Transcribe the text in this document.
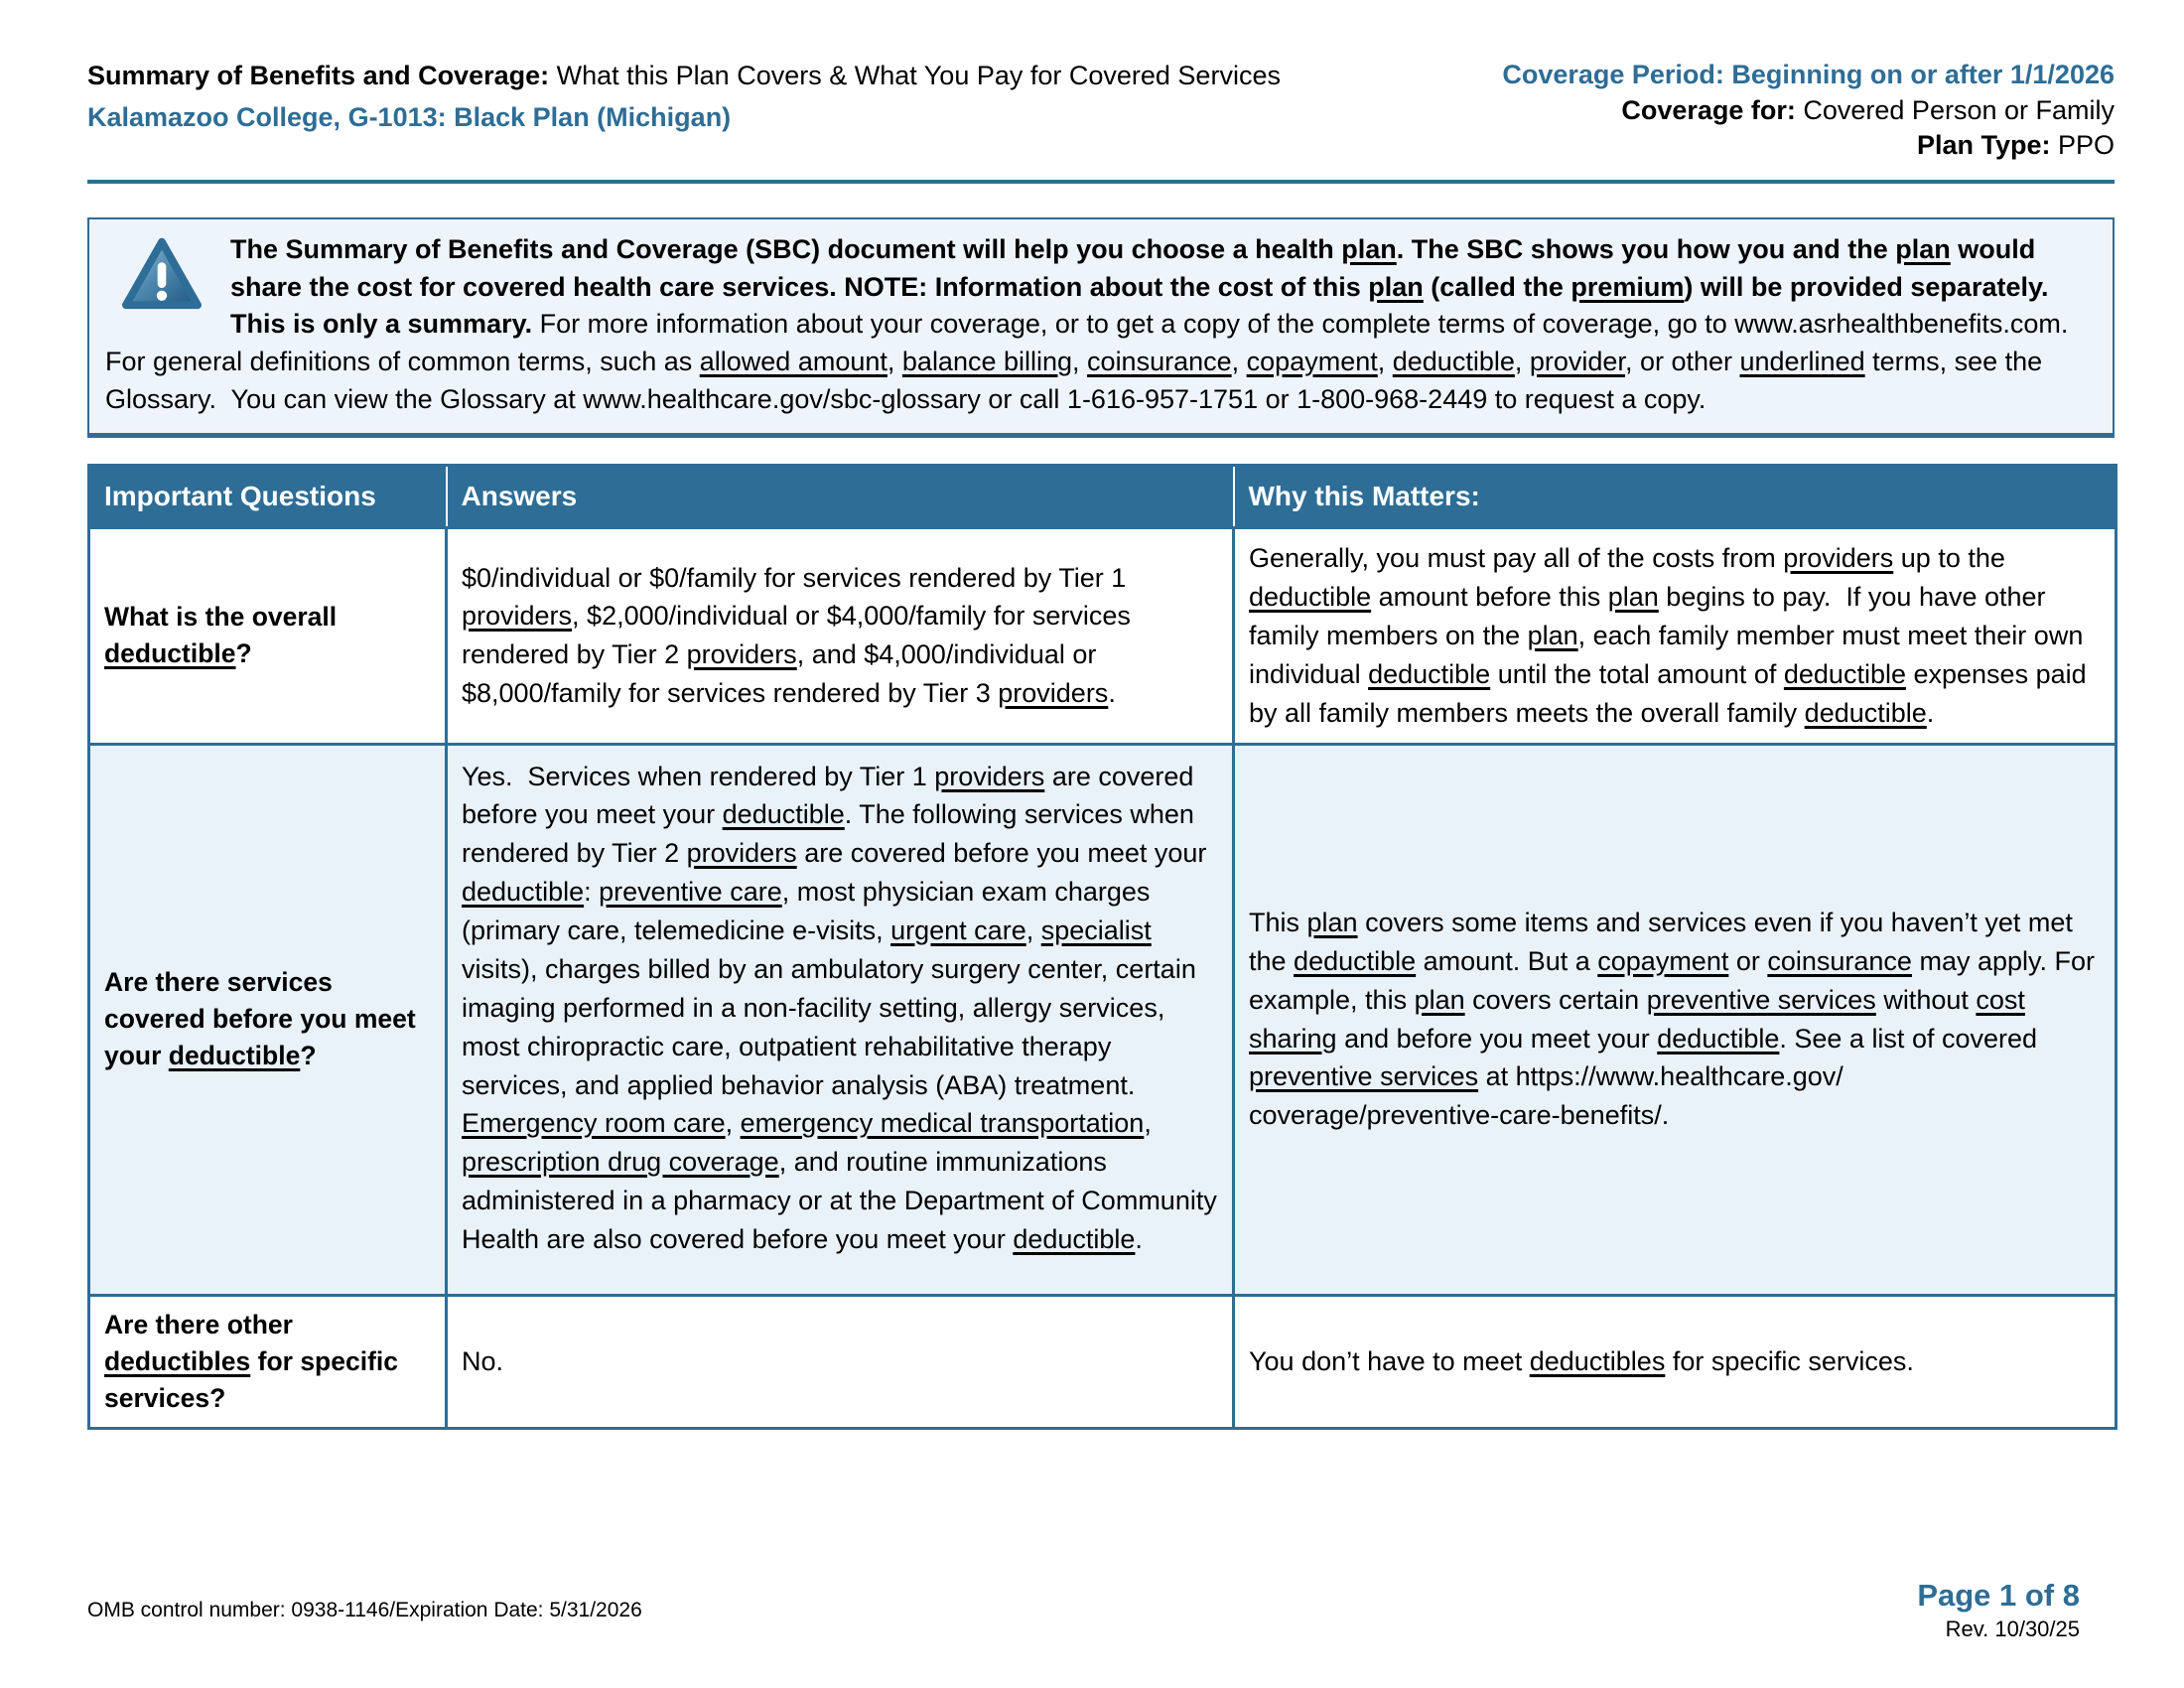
Summary of Benefits and Coverage: What this Plan Covers & What You Pay for Covered Services
Kalamazoo College, G-1013: Black Plan (Michigan)
Coverage Period: Beginning on or after 1/1/2026
Coverage for: Covered Person or Family
Plan Type: PPO
The Summary of Benefits and Coverage (SBC) document will help you choose a health plan. The SBC shows you how you and the plan would share the cost for covered health care services. NOTE: Information about the cost of this plan (called the premium) will be provided separately. This is only a summary. For more information about your coverage, or to get a copy of the complete terms of coverage, go to www.asrhealthbenefits.com. For general definitions of common terms, such as allowed amount, balance billing, coinsurance, copayment, deductible, provider, or other underlined terms, see the Glossary.  You can view the Glossary at www.healthcare.gov/sbc-glossary or call 1-616-957-1751 or 1-800-968-2449 to request a copy.
Important Questions	Answers	Why this Matters:
What is the overall deductible?	$0/individual or $0/family for services rendered by Tier 1 providers, $2,000/individual or $4,000/family for services rendered by Tier 2 providers, and $4,000/individual or $8,000/family for services rendered by Tier 3 providers.	Generally, you must pay all of the costs from providers up to the deductible amount before this plan begins to pay.  If you have other family members on the plan, each family member must meet their own individual deductible until the total amount of deductible expenses paid by all family members meets the overall family deductible.
Are there services covered before you meet your deductible?	Yes.  Services when rendered by Tier 1 providers are covered before you meet your deductible. The following services when rendered by Tier 2 providers are covered before you meet your deductible: preventive care, most physician exam charges (primary care, telemedicine e-visits, urgent care, specialist visits), charges billed by an ambulatory surgery center, certain imaging performed in a non-facility setting, allergy services, most chiropractic care, outpatient rehabilitative therapy services, and applied behavior analysis (ABA) treatment. Emergency room care, emergency medical transportation, prescription drug coverage, and routine immunizations administered in a pharmacy or at the Department of Community Health are also covered before you meet your deductible.	This plan covers some items and services even if you haven’t yet met the deductible amount. But a copayment or coinsurance may apply. For example, this plan covers certain preventive services without cost sharing and before you meet your deductible. See a list of covered preventive services at https://www.healthcare.gov/ coverage/preventive-care-benefits/.
Are there other deductibles for specific services?	No.	You don’t have to meet deductibles for specific services.
OMB control number: 0938-1146/Expiration Date: 5/31/2026	Page 1 of 8
Rev. 10/30/25
